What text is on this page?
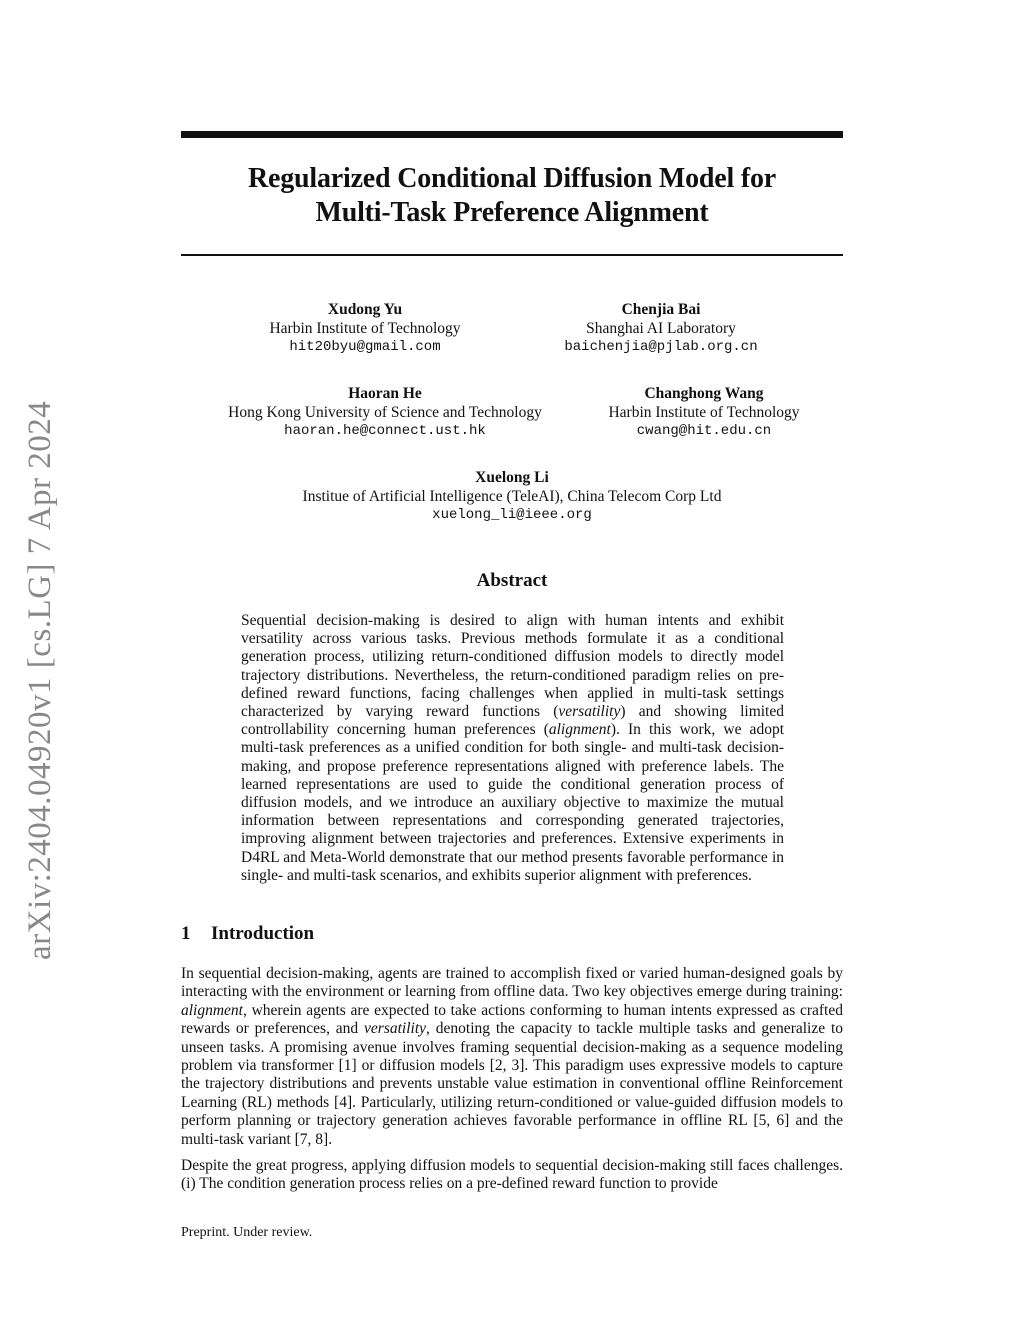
arXiv:2404.04920v1 [cs.LG] 7 Apr 2024
Regularized Conditional Diffusion Model for
Multi-Task Preference Alignment
Xudong Yu
Harbin Institute of Technology
hit20byu@gmail.com
Chenjia Bai
Shanghai AI Laboratory
baichenjia@pjlab.org.cn
Haoran He
Hong Kong University of Science and Technology
haoran.he@connect.ust.hk
Changhong Wang
Harbin Institute of Technology
cwang@hit.edu.cn
Xuelong Li
Institue of Artificial Intelligence (TeleAI), China Telecom Corp Ltd
xuelong_li@ieee.org
Abstract
Sequential decision-making is desired to align with human intents and exhibit versatility across various tasks. Previous methods formulate it as a conditional generation process, utilizing return-conditioned diffusion models to directly model trajectory distributions. Nevertheless, the return-conditioned paradigm relies on pre-defined reward functions, facing challenges when applied in multi-task settings characterized by varying reward functions (versatility) and showing limited controllability concerning human preferences (alignment). In this work, we adopt multi-task preferences as a unified condition for both single- and multi-task decision-making, and propose preference representations aligned with preference labels. The learned representations are used to guide the conditional generation process of diffusion models, and we introduce an auxiliary objective to maximize the mutual information between representations and corresponding generated trajectories, improving alignment between trajectories and preferences. Extensive experiments in D4RL and Meta-World demonstrate that our method presents favorable performance in single- and multi-task scenarios, and exhibits superior alignment with preferences.
1 Introduction
In sequential decision-making, agents are trained to accomplish fixed or varied human-designed goals by interacting with the environment or learning from offline data. Two key objectives emerge during training: alignment, wherein agents are expected to take actions conforming to human intents expressed as crafted rewards or preferences, and versatility, denoting the capacity to tackle multiple tasks and generalize to unseen tasks. A promising avenue involves framing sequential decision-making as a sequence modeling problem via transformer [1] or diffusion models [2, 3]. This paradigm uses expressive models to capture the trajectory distributions and prevents unstable value estimation in conventional offline Reinforcement Learning (RL) methods [4]. Particularly, utilizing return-conditioned or value-guided diffusion models to perform planning or trajectory generation achieves favorable performance in offline RL [5, 6] and the multi-task variant [7, 8].
Despite the great progress, applying diffusion models to sequential decision-making still faces challenges. (i) The condition generation process relies on a pre-defined reward function to provide
Preprint. Under review.
